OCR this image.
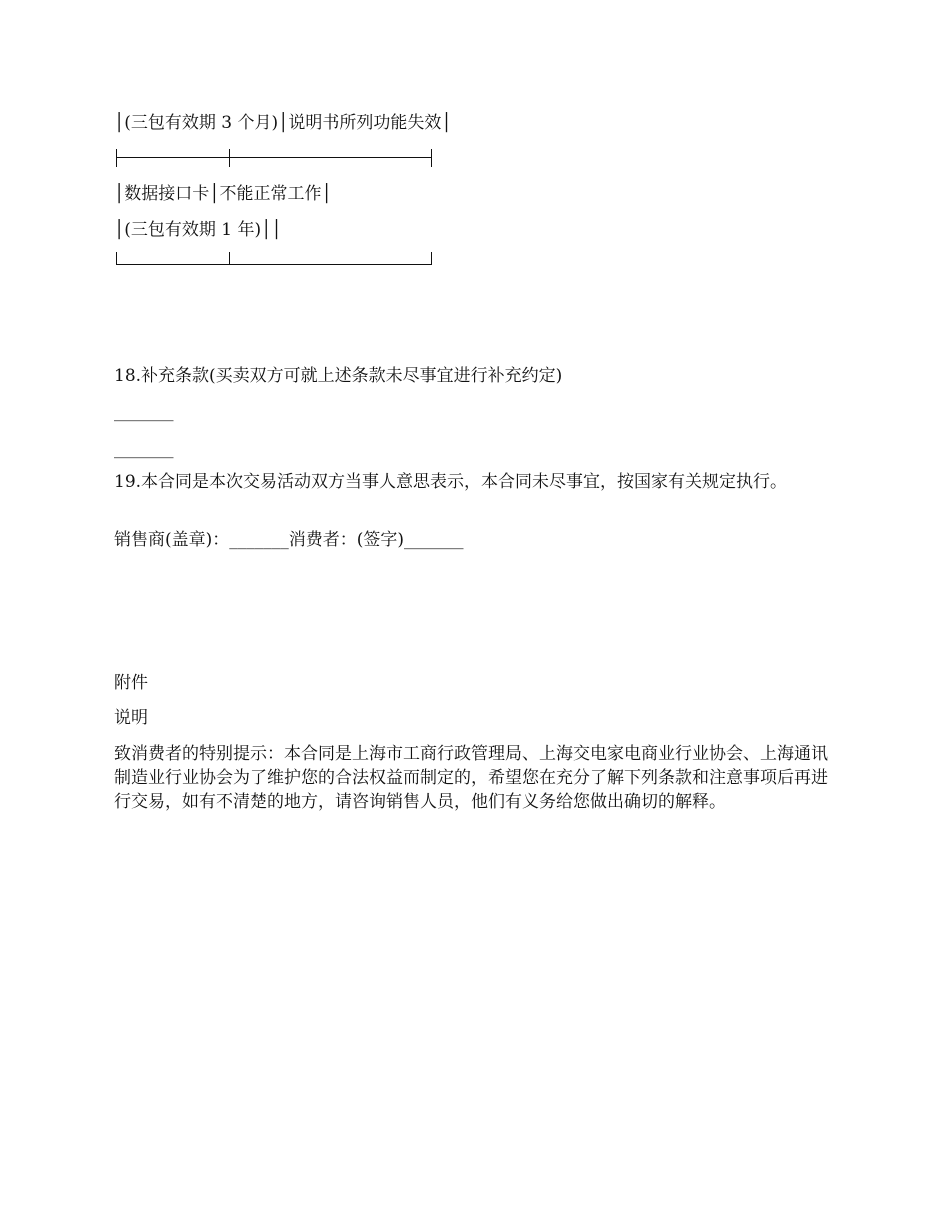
│(三包有效期 3 个月)│说明书所列功能失效│
│数据接口卡│不能正常工作│
│(三包有效期 1 年)││
18.补充条款(买卖双方可就上述条款未尽事宜进行补充约定)
_______
_______
19.本合同是本次交易活动双方当事人意思表示，本合同未尽事宜，按国家有关规定执行。
销售商(盖章)：_______消费者：(签字)_______
附件
说明
致消费者的特别提示：本合同是上海市工商行政管理局、上海交电家电商业行业协会、上海通讯制造业行业协会为了维护您的合法权益而制定的，希望您在充分了解下列条款和注意事项后再进行交易，如有不清楚的地方，请咨询销售人员，他们有义务给您做出确切的解释。
